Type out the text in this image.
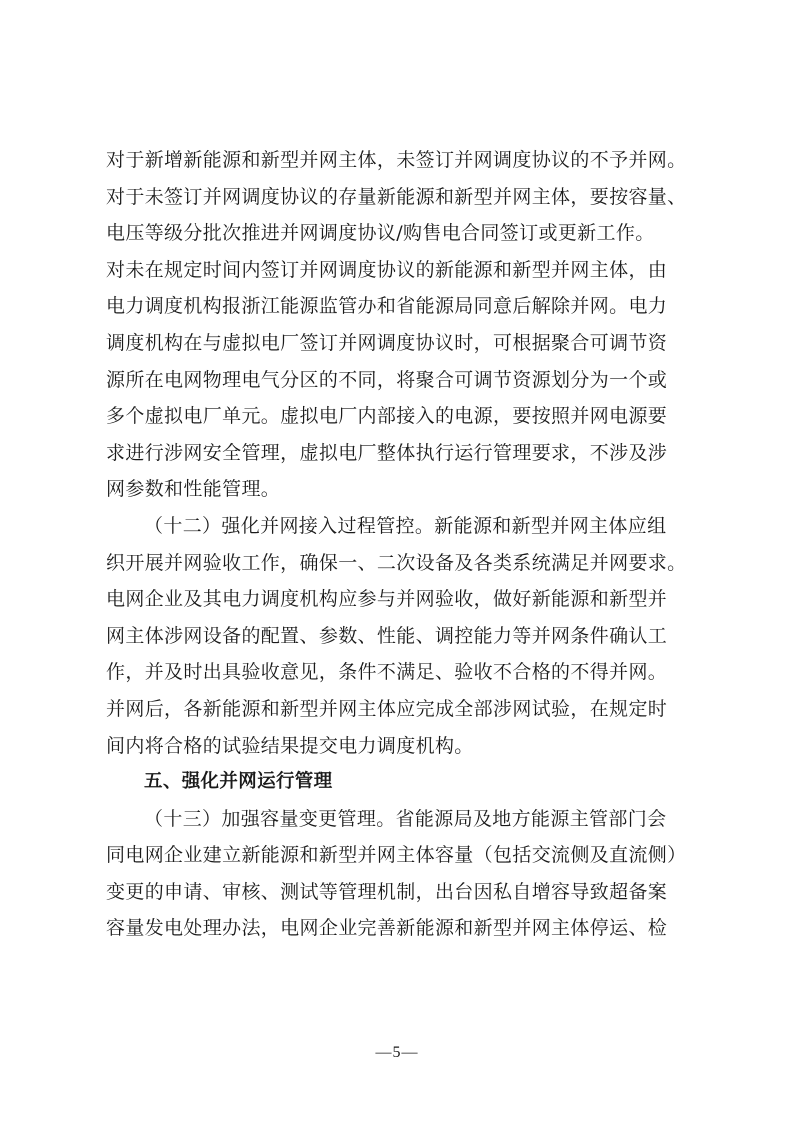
对于新增新能源和新型并网主体，未签订并网调度协议的不予并网。
对于未签订并网调度协议的存量新能源和新型并网主体，要按容量、
电压等级分批次推进并网调度协议/购售电合同签订或更新工作。
对未在规定时间内签订并网调度协议的新能源和新型并网主体，由
电力调度机构报浙江能源监管办和省能源局同意后解除并网。电力
调度机构在与虚拟电厂签订并网调度协议时，可根据聚合可调节资
源所在电网物理电气分区的不同，将聚合可调节资源划分为一个或
多个虚拟电厂单元。虚拟电厂内部接入的电源，要按照并网电源要
求进行涉网安全管理，虚拟电厂整体执行运行管理要求，不涉及涉
网参数和性能管理。
（十二）强化并网接入过程管控。新能源和新型并网主体应组
织开展并网验收工作，确保一、二次设备及各类系统满足并网要求。
电网企业及其电力调度机构应参与并网验收，做好新能源和新型并
网主体涉网设备的配置、参数、性能、调控能力等并网条件确认工
作，并及时出具验收意见，条件不满足、验收不合格的不得并网。
并网后，各新能源和新型并网主体应完成全部涉网试验，在规定时
间内将合格的试验结果提交电力调度机构。
五、强化并网运行管理
（十三）加强容量变更管理。省能源局及地方能源主管部门会
同电网企业建立新能源和新型并网主体容量（包括交流侧及直流侧）
变更的申请、审核、测试等管理机制，出台因私自增容导致超备案
容量发电处理办法，电网企业完善新能源和新型并网主体停运、检
—5—
